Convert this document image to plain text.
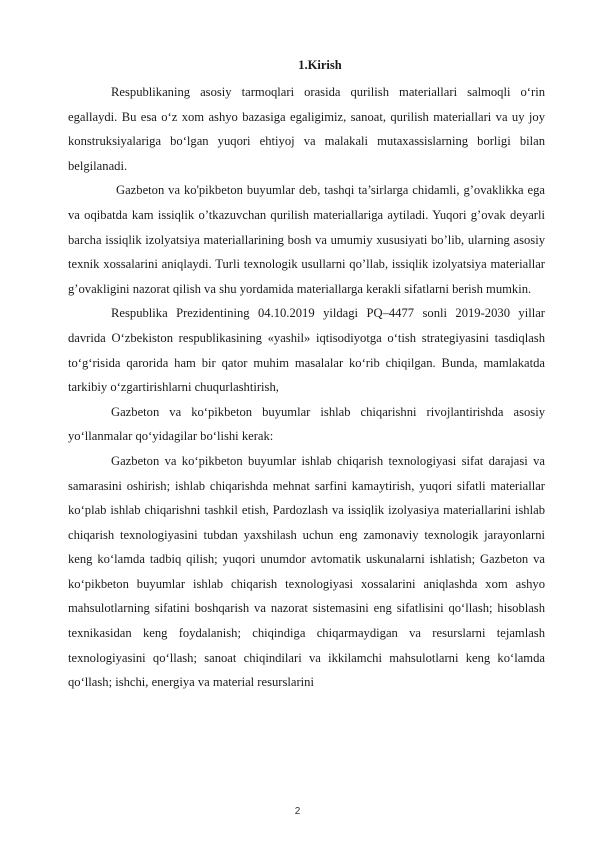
1.Kirish

Respublikaning asosiy tarmoqlari orasida qurilish materiallari salmoqli o‘rin egallaydi. Bu esa o‘z xom ashyo bazasiga egaligimiz, sanoat, qurilish materiallari va uy joy konstruksiyalariga bo‘lgan yuqori ehtiyoj va malakali mutaxassislarning borligi bilan belgilanadi.

Gazbeton va ko'pikbeton buyumlar deb, tashqi ta’sirlarga chidamli, g’ovaklikka ega va oqibatda kam issiqlik o’tkazuvchan qurilish materiallariga aytiladi. Yuqori g’ovak deyarli barcha issiqlik izolyatsiya materiallarining bosh va umumiy xususiyati bo’lib, ularning asosiy texnik xossalarini aniqlaydi. Turli texnologik usullarni qo’llab, issiqlik izolyatsiya materiallar g’ovakligini nazorat qilish va shu yordamida materiallarga kerakli sifatlarni berish mumkin.

Respublika Prezidentining 04.10.2019 yildagi PQ–4477 sonli 2019-2030 yillar davrida O‘zbekiston respublikasining «yashil» iqtisodiyotga o‘tish strategiyasini tasdiqlash to‘g‘risida qarorida ham bir qator muhim masalalar ko‘rib chiqilgan. Bunda, mamlakatda tarkibiy o‘zgartirishlarni chuqurlashtirish,

Gazbeton va ko‘pikbeton buyumlar ishlab chiqarishni rivojlantirishda asosiy yo‘llanmalar qo‘yidagilar bo‘lishi kerak:

Gazbeton va ko‘pikbeton buyumlar ishlab chiqarish texnologiyasi sifat darajasi va samarasini oshirish; ishlab chiqarishda mehnat sarfini kamaytirish, yuqori sifatli materiallar ko‘plab ishlab chiqarishni tashkil etish, Pardozlash va issiqlik izolyasiya materiallarini ishlab chiqarish texnologiyasini tubdan yaxshilash uchun eng zamonaviy texnologik jarayonlarni keng ko‘lamda tadbiq qilish; yuqori unumdor avtomatik uskunalarni ishlatish; Gazbeton va ko‘pikbeton buyumlar ishlab chiqarish texnologiyasi xossalarini aniqlashda xom ashyo mahsulotlarning sifatini boshqarish va nazorat sistemasini eng sifatlisini qo‘llash; hisoblash texnikasidan keng foydalanish; chiqindiga chiqarmaydigan va resurslarni tejamlash texnologiyasini qo‘llash; sanoat chiqindilari va ikkilamchi mahsulotlarni keng ko‘lamda qo‘llash; ishchi, energiya va material resurslarini

2
